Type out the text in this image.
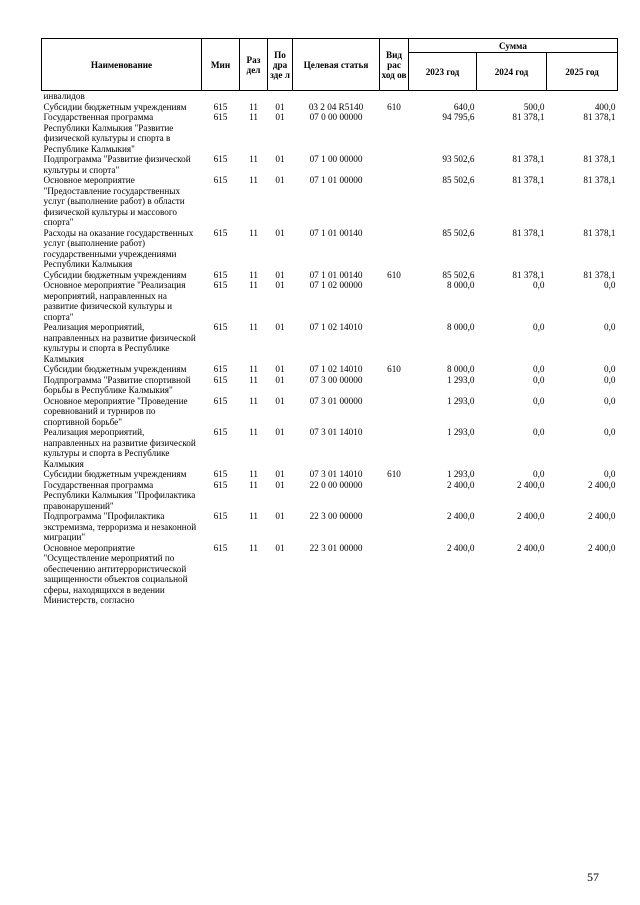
Наименование	Мин	Раз дел	По дра зде л	Целевая статья	Вид рас ход ов	Сумма		
						2023 год	2024 год	2025 год
инвалидов								
Субсидии бюджетным учреждениям	615	11	01	03 2 04 R5140	610	640,0	500,0	400,0
Государственная программа Республики Калмыкия "Развитие физической культуры и спорта в Республике Калмыкия"	615	11	01	07 0 00 00000		94 795,6	81 378,1	81 378,1
Подпрограмма "Развитие физической культуры и спорта"	615	11	01	07 1 00 00000		93 502,6	81 378,1	81 378,1
Основное мероприятие "Предоставление государственных услуг (выполнение работ) в области физической культуры и массового спорта"	615	11	01	07 1 01 00000		85 502,6	81 378,1	81 378,1
Расходы на оказание государственных услуг (выполнение работ) государственными учреждениями Республики Калмыкия	615	11	01	07 1 01 00140		85 502,6	81 378,1	81 378,1
Субсидии бюджетным учреждениям	615	11	01	07 1 01 00140	610	85 502,6	81 378,1	81 378,1
Основное мероприятие "Реализация мероприятий, направленных на развитие физической культуры и спорта"	615	11	01	07 1 02 00000		8 000,0	0,0	0,0
Реализация мероприятий, направленных на развитие физической культуры и спорта в Республике Калмыкия	615	11	01	07 1 02 14010		8 000,0	0,0	0,0
Субсидии бюджетным учреждениям	615	11	01	07 1 02 14010	610	8 000,0	0,0	0,0
Подпрограмма "Развитие спортивной борьбы в Республике Калмыкия"	615	11	01	07 3 00 00000		1 293,0	0,0	0,0
Основное мероприятие "Проведение соревнований и турниров по спортивной борьбе"	615	11	01	07 3 01 00000		1 293,0	0,0	0,0
Реализация мероприятий, направленных на развитие физической культуры и спорта в Республике Калмыкия	615	11	01	07 3 01 14010		1 293,0	0,0	0,0
Субсидии бюджетным учреждениям	615	11	01	07 3 01 14010	610	1 293,0	0,0	0,0
Государственная программа Республики Калмыкия "Профилактика правонарушений"	615	11	01	22 0 00 00000		2 400,0	2 400,0	2 400,0
Подпрограмма "Профилактика экстремизма, терроризма и незаконной миграции"	615	11	01	22 3 00 00000		2 400,0	2 400,0	2 400,0
Основное мероприятие "Осуществление мероприятий по обеспечению антитеррористической защищенности объектов социальной сферы, находящихся в ведении Министерств, согласно	615	11	01	22 3 01 00000		2 400,0	2 400,0	2 400,0
57
